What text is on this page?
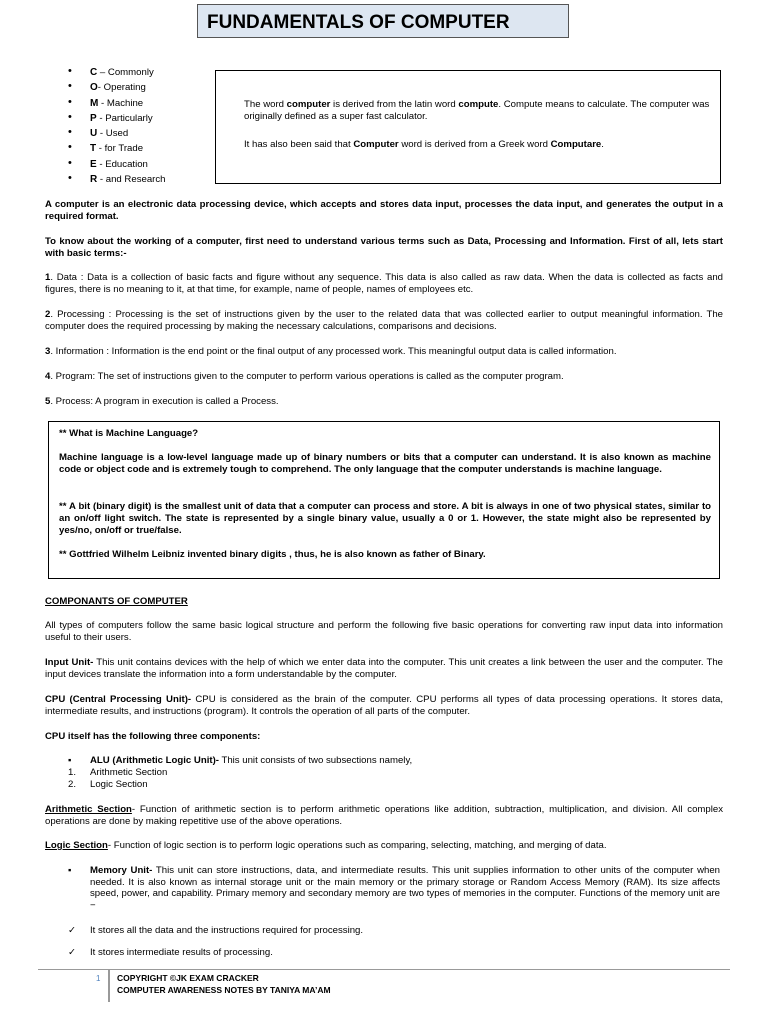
FUNDAMENTALS OF COMPUTER
• C – Commonly
• O- Operating
• M - Machine
• P - Particularly
• U - Used
• T - for Trade
• E - Education
• R - and Research

The word computer is derived from the latin word compute. Compute means to calculate. The computer was originally defined as a super fast calculator.

It has also been said that Computer word is derived from a Greek word Computare.

A computer is an electronic data processing device, which accepts and stores data input, processes the data input, and generates the output in a required format.

To know about the working of a computer, first need to understand various terms such as Data, Processing and Information. First of all, lets start with basic terms:-

1. Data : Data is a collection of basic facts and figure without any sequence. This data is also called as raw data. When the data is collected as facts and figures, there is no meaning to it, at that time, for example, name of people, names of employees etc.

2. Processing : Processing is the set of instructions given by the user to the related data that was collected earlier to output meaningful information. The computer does the required processing by making the necessary calculations, comparisons and decisions.

3. Information : Information is the end point or the final output of any processed work. This meaningful output data is called information.

4. Program: The set of instructions given to the computer to perform various operations is called as the computer program.

5. Process: A program in execution is called a Process.

** What is Machine Language?

Machine language is a low-level language made up of binary numbers or bits that a computer can understand. It is also known as machine code or object code and is extremely tough to comprehend. The only language that the computer understands is machine language.

** A bit (binary digit) is the smallest unit of data that a computer can process and store. A bit is always in one of two physical states, similar to an on/off light switch. The state is represented by a single binary value, usually a 0 or 1. However, the state might also be represented by yes/no, on/off or true/false.

** Gottfried Wilhelm Leibniz invented binary digits , thus, he is also known as father of Binary.

COMPONANTS OF COMPUTER

All types of computers follow the same basic logical structure and perform the following five basic operations for converting raw input data into information useful to their users.

Input Unit- This unit contains devices with the help of which we enter data into the computer. This unit creates a link between the user and the computer. The input devices translate the information into a form understandable by the computer.

CPU (Central Processing Unit)- CPU is considered as the brain of the computer. CPU performs all types of data processing operations. It stores data, intermediate results, and instructions (program). It controls the operation of all parts of the computer.

CPU itself has the following three components:

▪ ALU (Arithmetic Logic Unit)- This unit consists of two subsections namely,
1. Arithmetic Section
2. Logic Section

Arithmetic Section- Function of arithmetic section is to perform arithmetic operations like addition, subtraction, multiplication, and division. All complex operations are done by making repetitive use of the above operations.

Logic Section- Function of logic section is to perform logic operations such as comparing, selecting, matching, and merging of data.

▪ Memory Unit- This unit can store instructions, data, and intermediate results. This unit supplies information to other units of the computer when needed. It is also known as internal storage unit or the main memory or the primary storage or Random Access Memory (RAM). Its size affects speed, power, and capability. Primary memory and secondary memory are two types of memories in the computer. Functions of the memory unit are −

✓ It stores all the data and the instructions required for processing.
✓ It stores intermediate results of processing.
1 COPYRIGHT ©JK EXAM CRACKER
COMPUTER AWARENESS NOTES BY TANIYA MA’AM
